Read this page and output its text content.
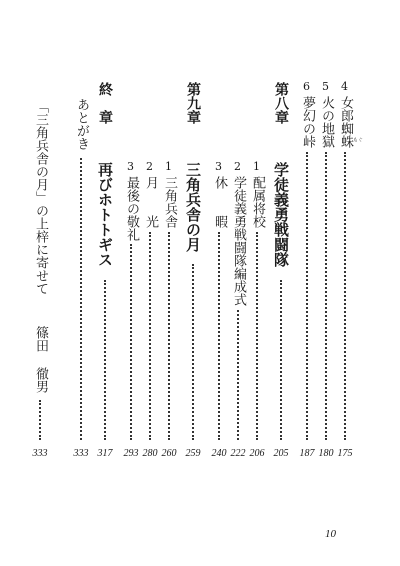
4
女郎蜘蛛 ぐも
175
5
火の地獄
180
6
夢幻の峠
187
第八章
学徒義勇戦闘隊
205
1
配属将校
206
2
学徒義勇戦闘隊編成式
222
3
休　　暇
240
第九章
三角兵舎の月
259
1
三角兵舎
260
2
月　　光
280
3
最後の敬礼
293
終　章
再びホトトギス
317
あとがき
333
「三角兵舎の月」の上梓に寄せて
篠田 徹男
333
10
